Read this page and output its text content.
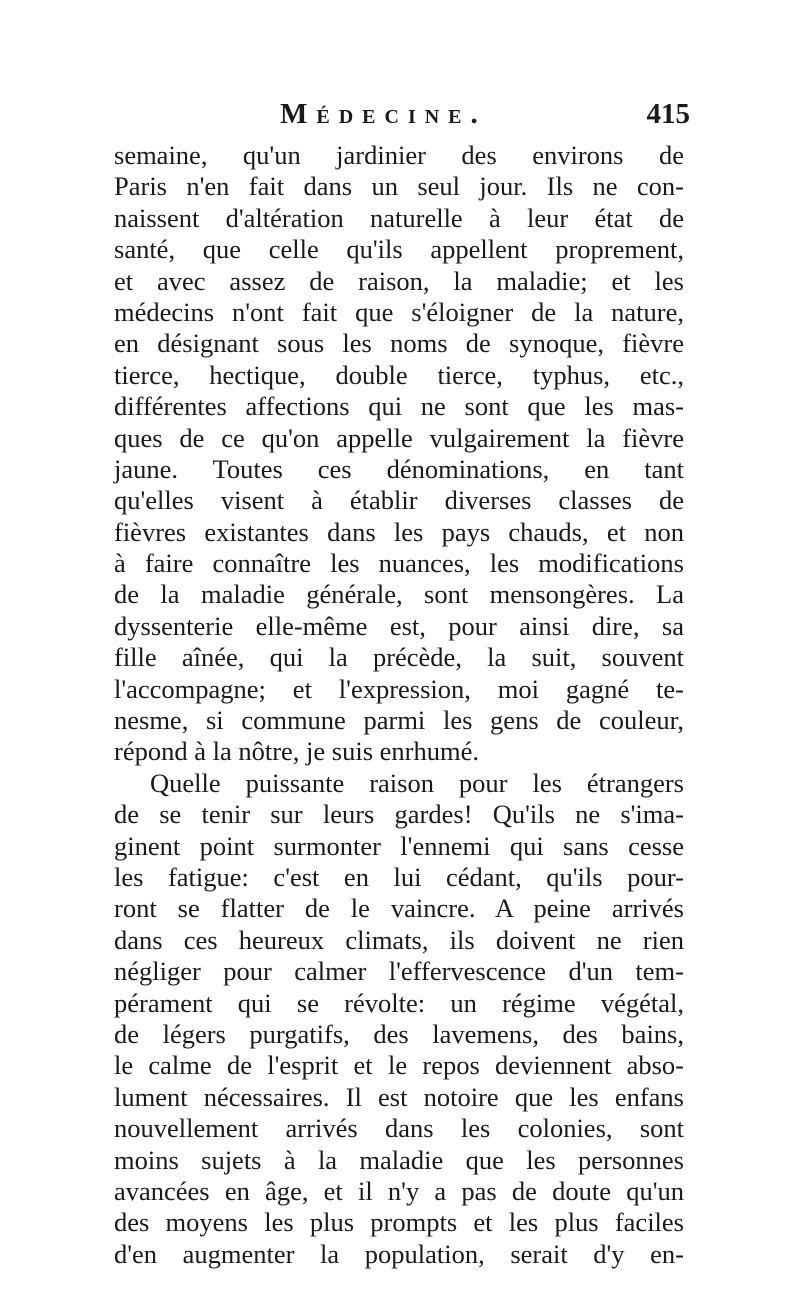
Médecine.	415
semaine, qu'un jardinier des environs de
Paris n'en fait dans un seul jour. Ils ne con-
naissent d'altération naturelle à leur état de
santé, que celle qu'ils appellent proprement,
et avec assez de raison, la maladie; et les
médecins n'ont fait que s'éloigner de la nature,
en désignant sous les noms de synoque, fièvre
tierce, hectique, double tierce, typhus, etc.,
différentes affections qui ne sont que les mas-
ques de ce qu'on appelle vulgairement la fièvre
jaune. Toutes ces dénominations, en tant
qu'elles visent à établir diverses classes de
fièvres existantes dans les pays chauds, et non
à faire connaître les nuances, les modifications
de la maladie générale, sont mensongères. La
dyssenterie elle-même est, pour ainsi dire, sa
fille aînée, qui la précède, la suit, souvent
l'accompagne; et l'expression, moi gagné te-
nesme, si commune parmi les gens de couleur,
répond à la nôtre, je suis enrhumé.
Quelle puissante raison pour les étrangers
de se tenir sur leurs gardes! Qu'ils ne s'ima-
ginent point surmonter l'ennemi qui sans cesse
les fatigue: c'est en lui cédant, qu'ils pour-
ront se flatter de le vaincre. A peine arrivés
dans ces heureux climats, ils doivent ne rien
négliger pour calmer l'effervescence d'un tem-
pérament qui se révolte: un régime végétal,
de légers purgatifs, des lavemens, des bains,
le calme de l'esprit et le repos deviennent abso-
lument nécessaires. Il est notoire que les enfans
nouvellement arrivés dans les colonies, sont
moins sujets à la maladie que les personnes
avancées en âge, et il n'y a pas de doute qu'un
des moyens les plus prompts et les plus faciles
d'en augmenter la population, serait d'y en-
